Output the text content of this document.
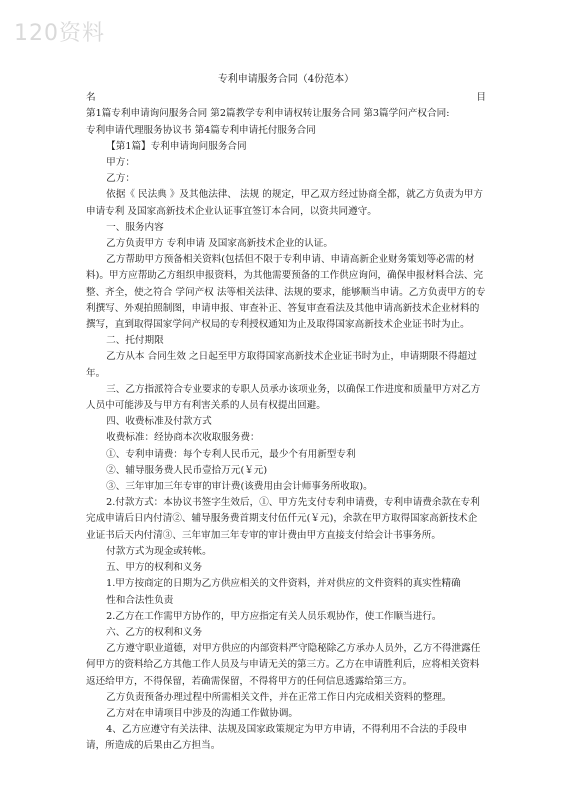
120资料
专利申请服务合同（4份范本）
名	目

第1篇专利申请询问服务合同 第2篇教学专利申请权转让服务合同 第3篇学问产权合同:

专利申请代理服务协议书 第4篇专利申请托付服务合同

【第1篇】专利申请询问服务合同

甲方：

乙方：

依据《 民法典 》及其他法律、 法规 的规定，甲乙双方经过协商全都，就乙方负责为甲方 申请专利 及国家高新技术企业认证事宜签订本合同，以资共同遵守。

一、服务内容

乙方负责甲方 专利申请 及国家高新技术企业的认证。

乙方帮助甲方预备相关资料(包括但不限于专利申请、申请高新企业财务策划等必需的材料)。甲方应帮助乙方组织申报资料，为其他需要预备的工作供应询问，确保申报材料合法、完整、齐全，使之符合 学问产权 法等相关法律、法规的要求，能够顺当申请。乙方负责甲方的专利撰写、外观拍照制图，申请申报、审查补正、答复审查看法及其他申请高新技术企业材料的撰写，直到取得国家学问产权局的专利授权通知为止及取得国家高新技术企业证书时为止。

二、托付期限

乙方从本 合同生效 之日起至甲方取得国家高新技术企业证书时为止，申请期限不得超过年。

三、乙方指派符合专业要求的专职人员承办该项业务，以确保工作进度和质量甲方对乙方人员中可能涉及与甲方有利害关系的人员有权提出回避。

四、收费标准及付款方式

收费标准：经协商本次收取服务费：

①、专利申请费：每个专利人民币元，最少个有用新型专利

②、辅导服务费人民币壹拾万元(￥元)

③、三年审加三年专审的审计费(该费用由会计师事务所收取)。

2.付款方式：本协议书签字生效后，①、甲方先支付专利申请费，专利申请费余款在专利完成申请后日内付清②、辅导服务费首期支付伍仟元(￥元)，余款在甲方取得国家高新技术企业证书后天内付清③、三年审加三年专审的审计费由甲方直接支付给会计书事务所。

付款方式为现金或转帐。

五、甲方的权利和义务

1.甲方按商定的日期为乙方供应相关的文件资料，并对供应的文件资料的真实性精确

性和合法性负责

2.乙方在工作需甲方协作的，甲方应指定有关人员乐观协作，使工作顺当进行。

六、乙方的权利和义务

乙方遵守职业道德，对甲方供应的内部资料严守隐秘除乙方承办人员外，乙方不得泄露任何甲方的资料给乙方其他工作人员及与申请无关的第三方。乙方在申请胜利后，应将相关资料返还给甲方，不得保留，若确需保留，不得将甲方的任何信息透露给第三方。

乙方负责预备办理过程中所需相关文件，并在正常工作日内完成相关资料的整理。

乙方对在申请项目中涉及的沟通工作做协调。

4、乙方应遵守有关法律、法规及国家政策规定为甲方申请，不得利用不合法的手段申请，所造成的后果由乙方担当。
